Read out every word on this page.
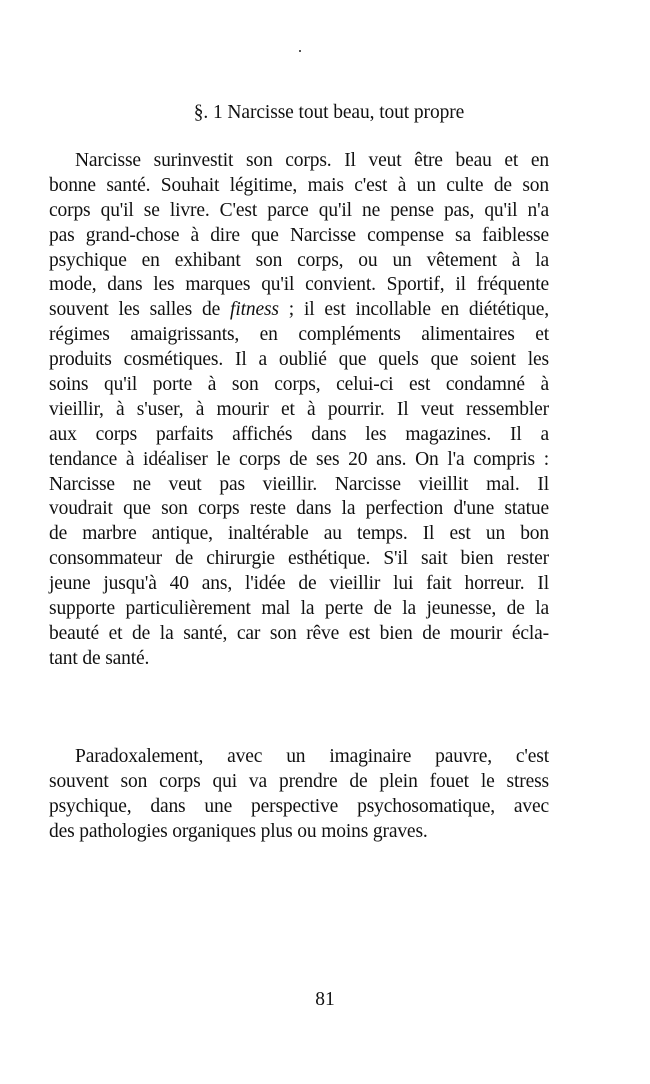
§. 1 Narcisse tout beau, tout propre
Narcisse surinvestit son corps. Il veut être beau et en
bonne santé. Souhait légitime, mais c'est à un culte de son
corps qu'il se livre. C'est parce qu'il ne pense pas, qu'il n'a
pas grand-chose à dire que Narcisse compense sa faiblesse
psychique en exhibant son corps, ou un vêtement à la
mode, dans les marques qu'il convient. Sportif, il fréquente
souvent les salles de fitness ; il est incollable en diététique,
régimes amaigrissants, en compléments alimentaires et
produits cosmétiques. Il a oublié que quels que soient les
soins qu'il porte à son corps, celui-ci est condamné à
vieillir, à s'user, à mourir et à pourrir. Il veut ressembler
aux corps parfaits affichés dans les magazines. Il a
tendance à idéaliser le corps de ses 20 ans. On l'a compris :
Narcisse ne veut pas vieillir. Narcisse vieillit mal. Il
voudrait que son corps reste dans la perfection d'une statue
de marbre antique, inaltérable au temps. Il est un bon
consommateur de chirurgie esthétique. S'il sait bien rester
jeune jusqu'à 40 ans, l'idée de vieillir lui fait horreur. Il
supporte particulièrement mal la perte de la jeunesse, de la
beauté et de la santé, car son rêve est bien de mourir écla-
tant de santé.
Paradoxalement, avec un imaginaire pauvre, c'est
souvent son corps qui va prendre de plein fouet le stress
psychique, dans une perspective psychosomatique, avec
des pathologies organiques plus ou moins graves.
81
